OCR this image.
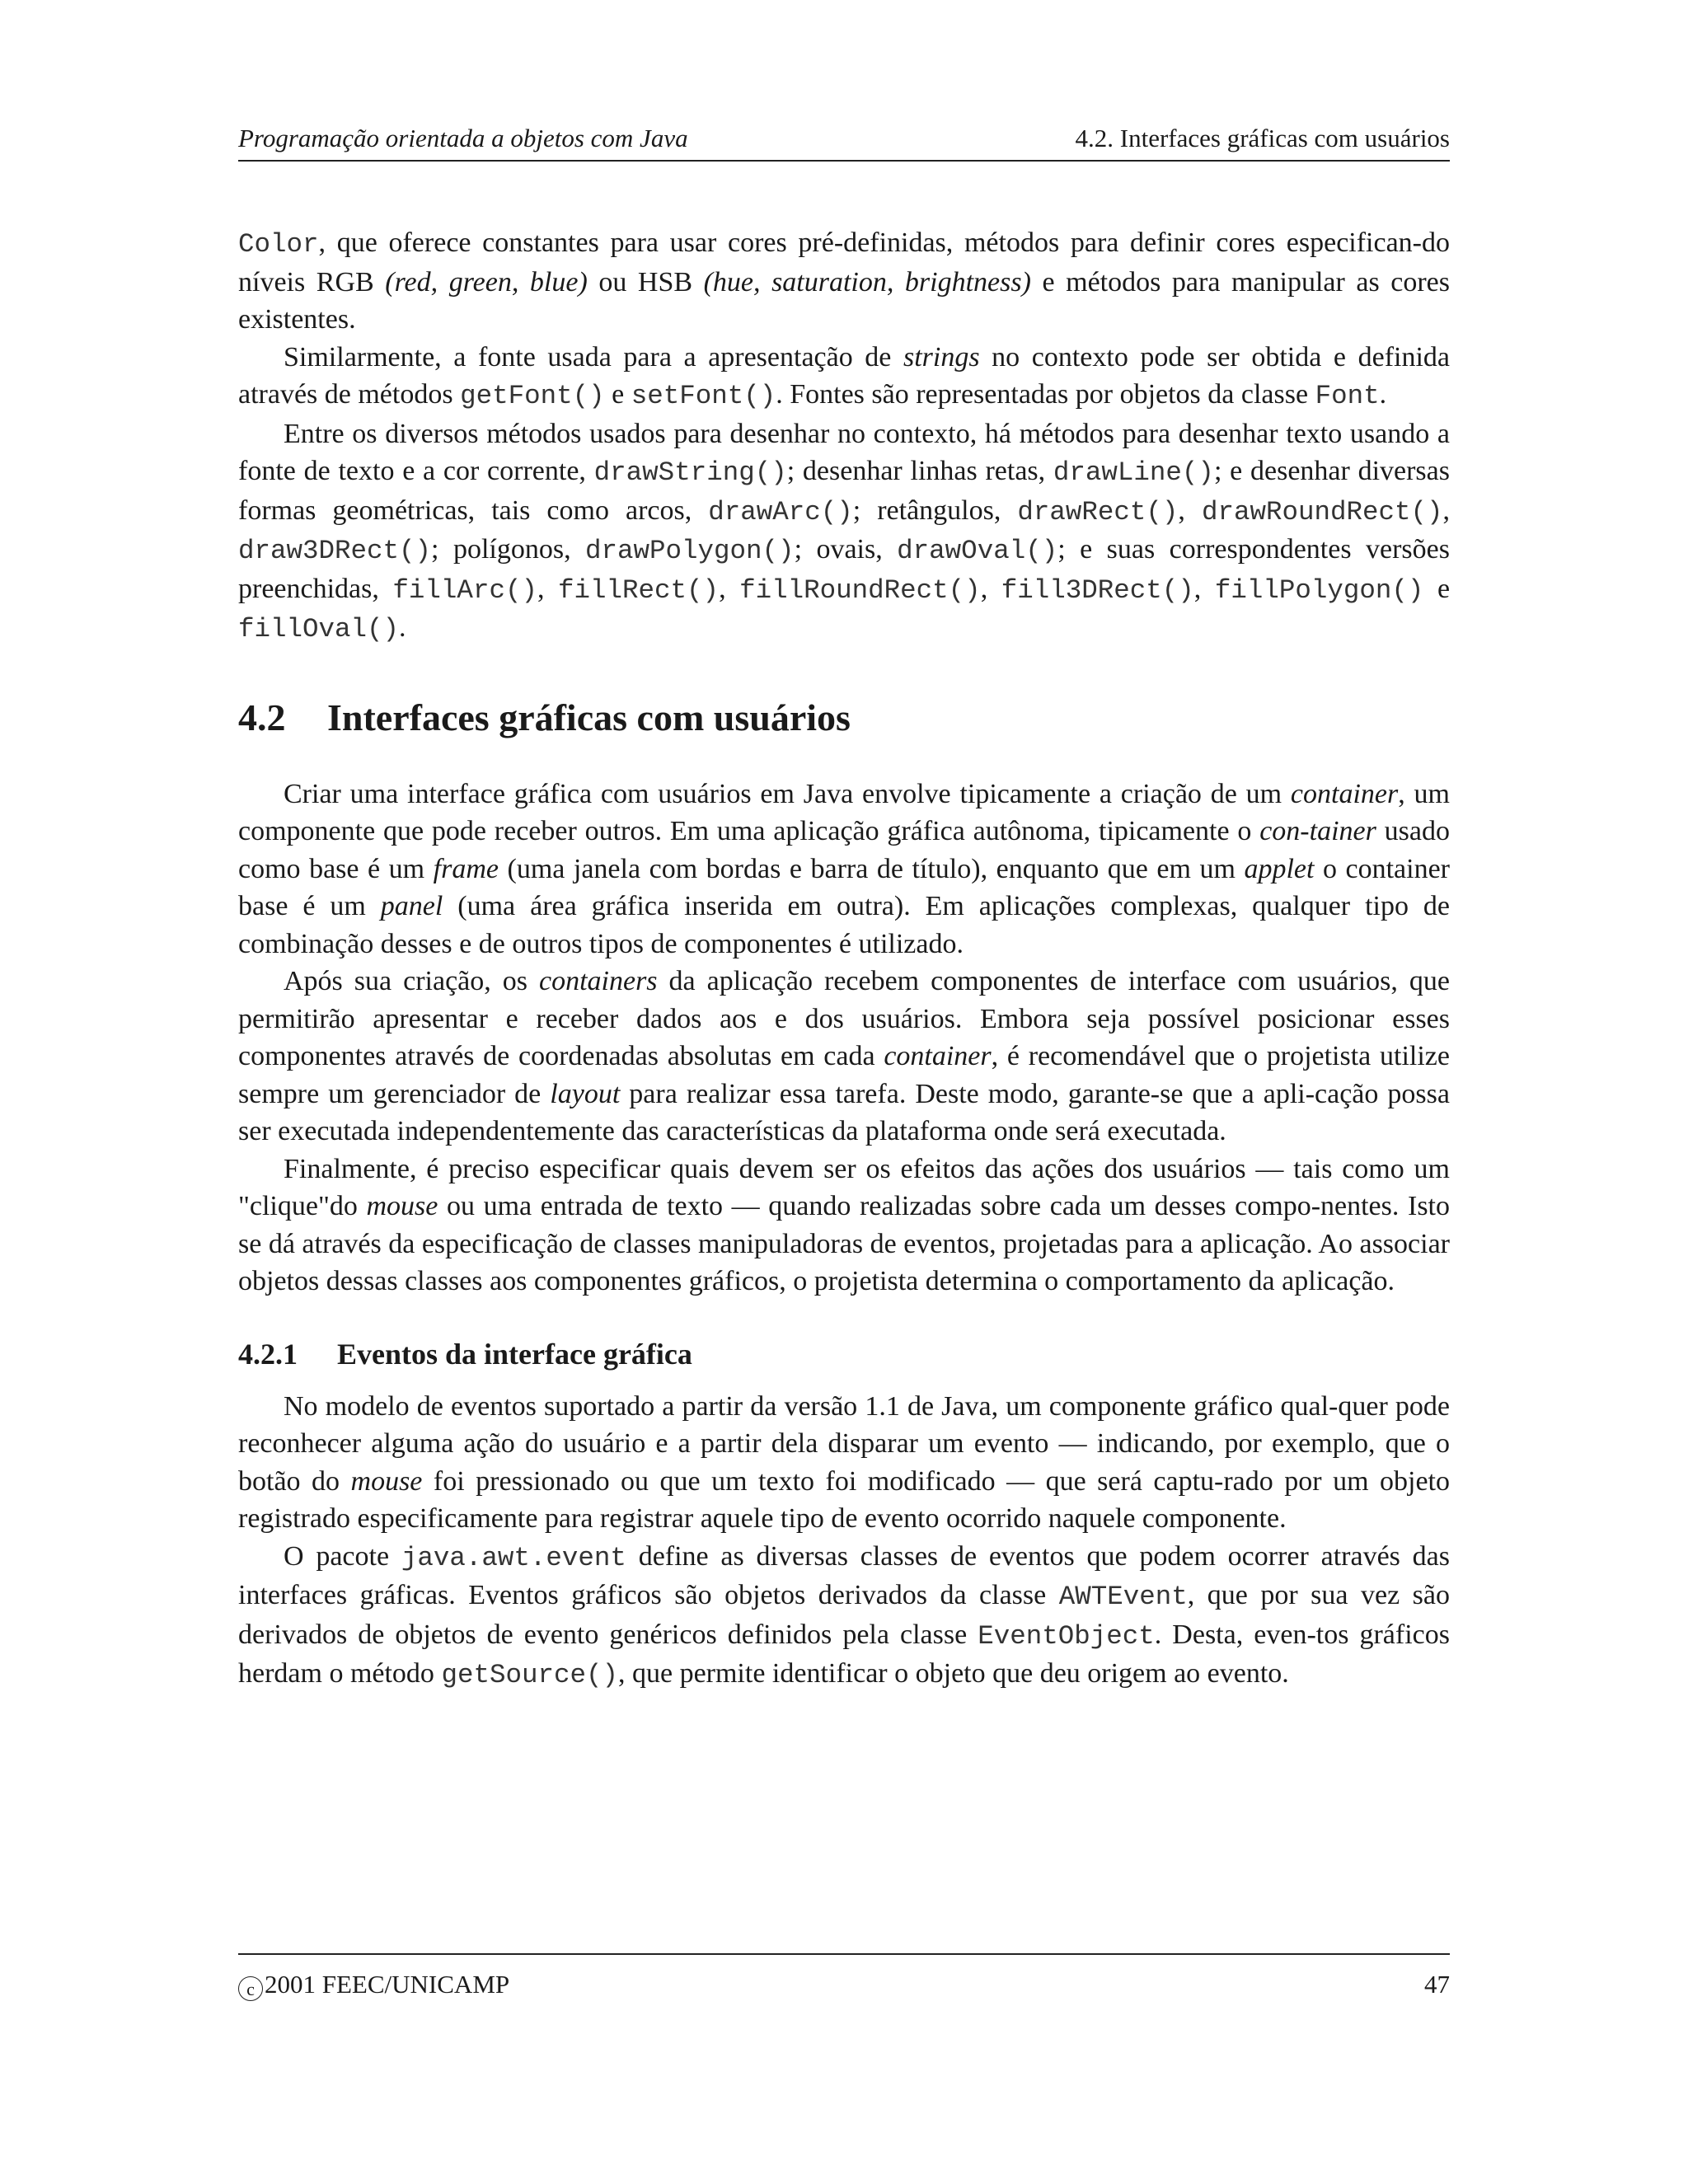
Programação orientada a objetos com Java	4.2. Interfaces gráficas com usuários

Color, que oferece constantes para usar cores pré-definidas, métodos para definir cores especifican-do níveis RGB (red, green, blue) ou HSB (hue, saturation, brightness) e métodos para manipular as cores existentes.

Similarmente, a fonte usada para a apresentação de strings no contexto pode ser obtida e definida através de métodos getFont() e setFont(). Fontes são representadas por objetos da classe Font.

Entre os diversos métodos usados para desenhar no contexto, há métodos para desenhar texto usando a fonte de texto e a cor corrente, drawString(); desenhar linhas retas, drawLine(); e desenhar diversas formas geométricas, tais como arcos, drawArc(); retângulos, drawRect(), drawRoundRect(), draw3DRect(); polígonos, drawPolygon(); ovais, drawOval(); e suas correspondentes versões preenchidas, fillArc(), fillRect(), fillRoundRect(), fill3DRect(), fillPolygon() e fillOval().

4.2 Interfaces gráficas com usuários

Criar uma interface gráfica com usuários em Java envolve tipicamente a criação de um container, um componente que pode receber outros. Em uma aplicação gráfica autônoma, tipicamente o con-tainer usado como base é um frame (uma janela com bordas e barra de título), enquanto que em um applet o container base é um panel (uma área gráfica inserida em outra). Em aplicações complexas, qualquer tipo de combinação desses e de outros tipos de componentes é utilizado.

Após sua criação, os containers da aplicação recebem componentes de interface com usuários, que permitirão apresentar e receber dados aos e dos usuários. Embora seja possível posicionar esses componentes através de coordenadas absolutas em cada container, é recomendável que o projetista utilize sempre um gerenciador de layout para realizar essa tarefa. Deste modo, garante-se que a apli-cação possa ser executada independentemente das características da plataforma onde será executada.

Finalmente, é preciso especificar quais devem ser os efeitos das ações dos usuários — tais como um "clique"do mouse ou uma entrada de texto — quando realizadas sobre cada um desses compo-nentes. Isto se dá através da especificação de classes manipuladoras de eventos, projetadas para a aplicação. Ao associar objetos dessas classes aos componentes gráficos, o projetista determina o comportamento da aplicação.

4.2.1 Eventos da interface gráfica

No modelo de eventos suportado a partir da versão 1.1 de Java, um componente gráfico qual-quer pode reconhecer alguma ação do usuário e a partir dela disparar um evento — indicando, por exemplo, que o botão do mouse foi pressionado ou que um texto foi modificado — que será captu-rado por um objeto registrado especificamente para registrar aquele tipo de evento ocorrido naquele componente.

O pacote java.awt.event define as diversas classes de eventos que podem ocorrer através das interfaces gráficas. Eventos gráficos são objetos derivados da classe AWTEvent, que por sua vez são derivados de objetos de evento genéricos definidos pela classe EventObject. Desta, even-tos gráficos herdam o método getSource(), que permite identificar o objeto que deu origem ao evento.

c 2001 FEEC/UNICAMP	47
